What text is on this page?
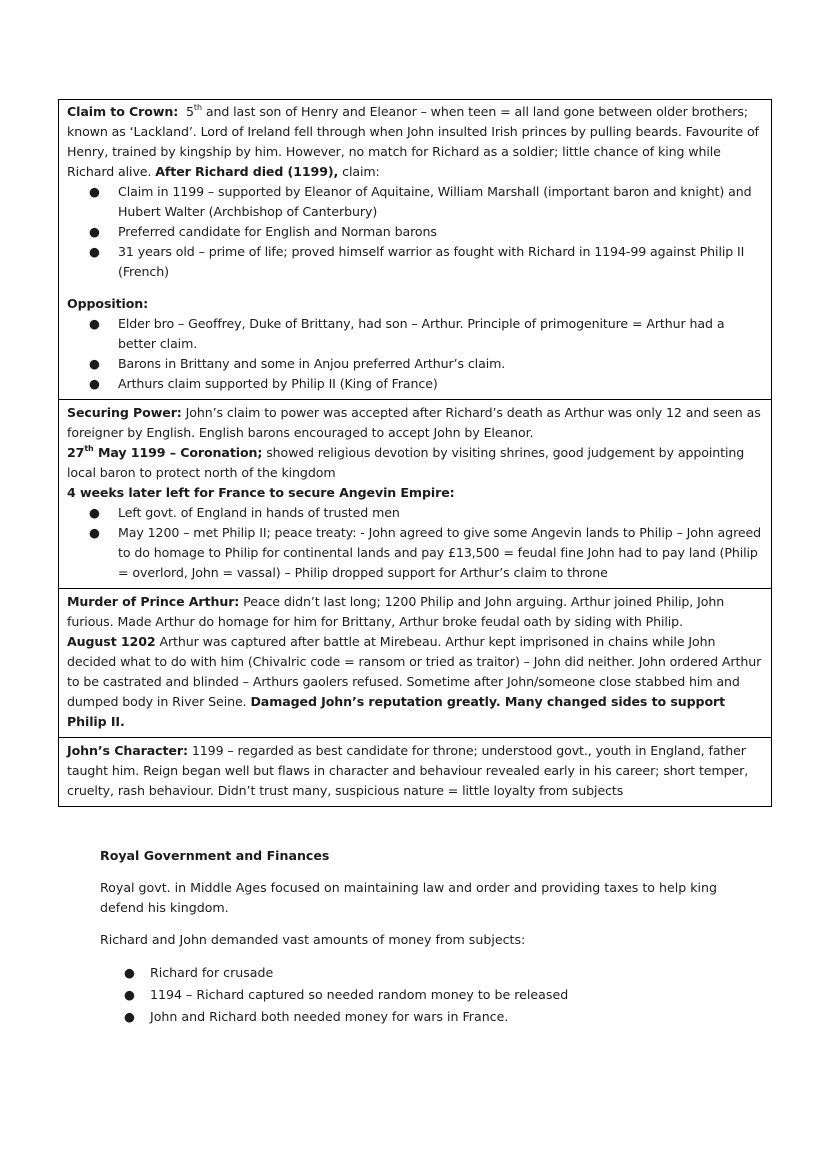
Claim to Crown: 5th and last son of Henry and Eleanor – when teen = all land gone between older brothers; known as ‘Lackland’. Lord of Ireland fell through when John insulted Irish princes by pulling beards. Favourite of Henry, trained by kingship by him. However, no match for Richard as a soldier; little chance of king while Richard alive. After Richard died (1199), claim:

● Claim in 1199 – supported by Eleanor of Aquitaine, William Marshall (important baron and knight) and Hubert Walter (Archbishop of Canterbury)
● Preferred candidate for English and Norman barons
● 31 years old – prime of life; proved himself warrior as fought with Richard in 1194-99 against Philip II (French)

Opposition:

● Elder bro – Geoffrey, Duke of Brittany, had son – Arthur. Principle of primogeniture = Arthur had a better claim.
● Barons in Brittany and some in Anjou preferred Arthur’s claim.
● Arthurs claim supported by Philip II (King of France)

Securing Power: John’s claim to power was accepted after Richard’s death as Arthur was only 12 and seen as foreigner by English. English barons encouraged to accept John by Eleanor.

27th May 1199 – Coronation; showed religious devotion by visiting shrines, good judgement by appointing local baron to protect north of the kingdom

4 weeks later left for France to secure Angevin Empire:

● Left govt. of England in hands of trusted men
● May 1200 – met Philip II; peace treaty: - John agreed to give some Angevin lands to Philip – John agreed to do homage to Philip for continental lands and pay £13,500 = feudal fine John had to pay land (Philip = overlord, John = vassal) – Philip dropped support for Arthur’s claim to throne

Murder of Prince Arthur: Peace didn’t last long; 1200 Philip and John arguing. Arthur joined Philip, John furious. Made Arthur do homage for him for Brittany, Arthur broke feudal oath by siding with Philip.

August 1202 Arthur was captured after battle at Mirebeau. Arthur kept imprisoned in chains while John decided what to do with him (Chivalric code = ransom or tried as traitor) – John did neither. John ordered Arthur to be castrated and blinded – Arthurs gaolers refused. Sometime after John/someone close stabbed him and dumped body in River Seine. Damaged John’s reputation greatly. Many changed sides to support Philip II.

John’s Character: 1199 – regarded as best candidate for throne; understood govt., youth in England, father taught him. Reign began well but flaws in character and behaviour revealed early in his career; short temper, cruelty, rash behaviour. Didn’t trust many, suspicious nature = little loyalty from subjects

Royal Government and Finances

Royal govt. in Middle Ages focused on maintaining law and order and providing taxes to help king defend his kingdom.

Richard and John demanded vast amounts of money from subjects:

● Richard for crusade
● 1194 – Richard captured so needed random money to be released
● John and Richard both needed money for wars in France.
